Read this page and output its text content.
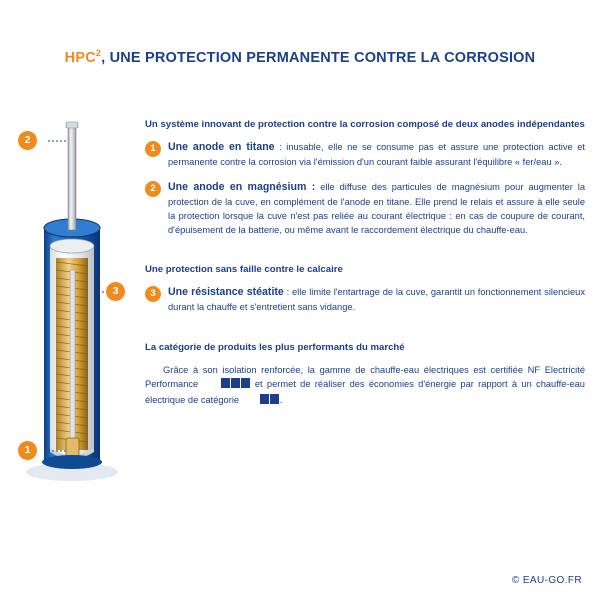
HPC$^2$, UNE PROTECTION PERMANENTE CONTRE LA CORROSION
2
3
1
Un système innovant de protection contre la corrosion composé de deux anodes indépendantes
1	Une anode en titane : inusable, elle ne se consume pas et assure une protection active et permanente contre la corrosion via l'émission d'un courant faible assurant l'équilibre « fer/eau ».
2	Une anode en magnésium : elle diffuse des particules de magnésium pour augmenter la protection de la cuve, en complément de l'anode en titane. Elle prend le relais et assure à elle seule la protection lorsque la cuve n'est pas reliée au courant électrique : en cas de coupure de courant, d'épuisement de la batterie, ou même avant le raccordement électrique du chauffe-eau.
Une protection sans faille contre le calcaire
3	Une résistance stéatite : elle limite l'entartrage de la cuve, garantit un fonctionnement silencieux durant la chauffe et s'entretient sans vidange.
La catégorie de produits les plus performants du marché
Grâce à son isolation renforcée, la gamme de chauffe-eau électriques est certifiée NF Electricité Performance	et permet de réaliser des économies d'énergie par rapport à un chauffe-eau électrique de catégorie	.
© EAU-GO.FR
